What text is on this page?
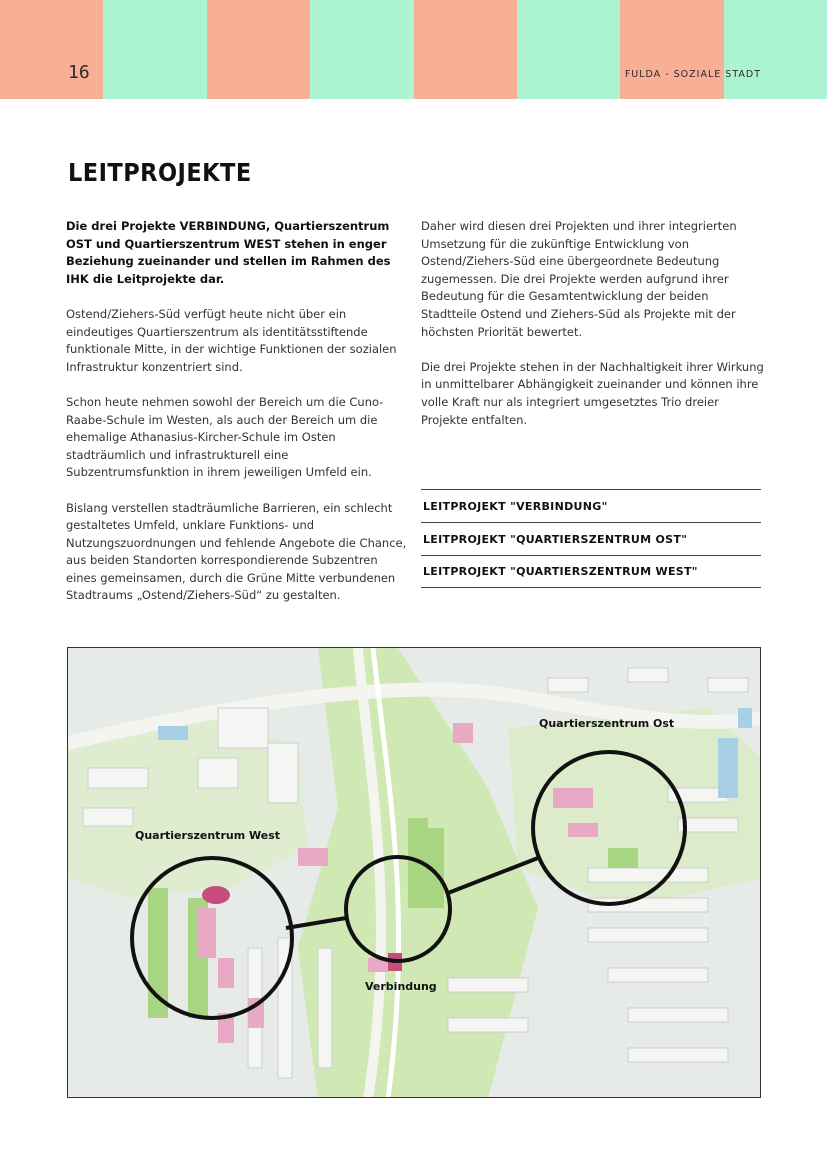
16	FULDA - SOZIALE STADT
LEITPROJEKTE

Die drei Projekte VERBINDUNG, Quartierszentrum OST und Quartierszentrum WEST stehen in enger Beziehung zueinander und stellen im Rahmen des IHK die Leitprojekte dar.

Ostend/Ziehers-Süd verfügt heute nicht über ein eindeutiges Quartierszentrum als identitätsstiftende funktionale Mitte, in der wichtige Funktionen der sozialen Infrastruktur konzentriert sind.

Schon heute nehmen sowohl der Bereich um die Cuno-Raabe-Schule im Westen, als auch der Bereich um die ehemalige Athanasius-Kircher-Schule im Osten stadträumlich und infrastrukturell eine Subzentrumsfunktion in ihrem jeweiligen Umfeld ein.

Bislang verstellen stadträumliche Barrieren, ein schlecht gestaltetes Umfeld, unklare Funktions- und Nutzungszuordnungen und fehlende Angebote die Chance, aus beiden Standorten korrespondierende Subzentren eines gemeinsamen, durch die Grüne Mitte verbundenen Stadtraums „Ostend/Ziehers-Süd“ zu gestalten.

Daher wird diesen drei Projekten und ihrer integrierten Umsetzung für die zukünftige Entwicklung von Ostend/Ziehers-Süd eine übergeordnete Bedeutung zugemessen. Die drei Projekte werden aufgrund ihrer Bedeutung für die Gesamtentwicklung der beiden Stadtteile Ostend und Ziehers-Süd als Projekte mit der höchsten Priorität bewertet.

Die drei Projekte stehen in der Nachhaltigkeit ihrer Wirkung in unmittelbarer Abhängigkeit zueinander und können ihre volle Kraft nur als integriert umgesetztes Trio dreier Projekte entfalten.

LEITPROJEKT "VERBINDUNG"
LEITPROJEKT "QUARTIERSZENTRUM OST"
LEITPROJEKT "QUARTIERSZENTRUM WEST"
Quartierszentrum Ost
Quartierszentrum West
Verbindung
